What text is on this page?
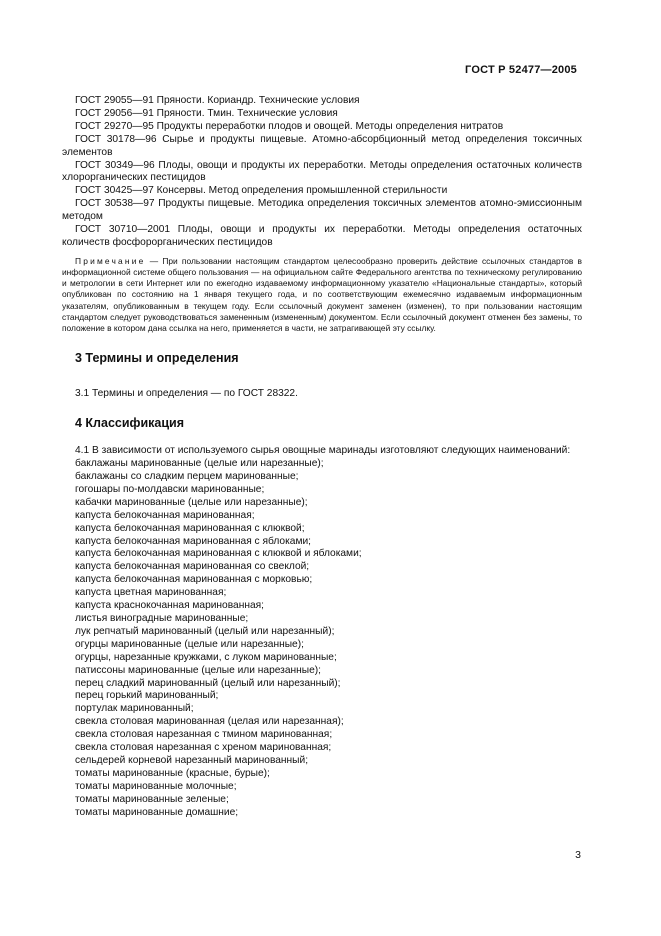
ГОСТ Р 52477—2005
ГОСТ 29055—91 Пряности. Кориандр. Технические условия
ГОСТ 29056—91 Пряности. Тмин. Технические условия
ГОСТ 29270—95 Продукты переработки плодов и овощей. Методы определения нитратов
ГОСТ 30178—96 Сырье и продукты пищевые. Атомно-абсорбционный метод определения токсичных элементов
ГОСТ 30349—96 Плоды, овощи и продукты их переработки. Методы определения остаточных количеств хлорорганических пестицидов
ГОСТ 30425—97 Консервы. Метод определения промышленной стерильности
ГОСТ 30538—97 Продукты пищевые. Методика определения токсичных элементов атомно-эмиссионным методом
ГОСТ 30710—2001 Плоды, овощи и продукты их переработки. Методы определения остаточных количеств фосфорорганических пестицидов
Примечание — При пользовании настоящим стандартом целесообразно проверить действие ссылочных стандартов в информационной системе общего пользования — на официальном сайте Федерального агентства по техническому регулированию и метрологии в сети Интернет или по ежегодно издаваемому информационному указателю «Национальные стандарты», который опубликован по состоянию на 1 января текущего года, и по соответствующим ежемесячно издаваемым информационным указателям, опубликованным в текущем году. Если ссылочный документ заменен (изменен), то при пользовании настоящим стандартом следует руководствоваться замененным (измененным) документом. Если ссылочный документ отменен без замены, то положение в котором дана ссылка на него, применяется в части, не затрагивающей эту ссылку.
3 Термины и определения
3.1 Термины и определения — по ГОСТ 28322.
4 Классификация
4.1 В зависимости от используемого сырья овощные маринады изготовляют следующих наименований:
баклажаны маринованные (целые или нарезанные);
баклажаны со сладким перцем маринованные;
гогошары по-молдавски маринованные;
кабачки маринованные (целые или нарезанные);
капуста белокочанная маринованная;
капуста белокочанная маринованная с клюквой;
капуста белокочанная маринованная с яблоками;
капуста белокочанная маринованная с клюквой и яблоками;
капуста белокочанная маринованная со свеклой;
капуста белокочанная маринованная с морковью;
капуста цветная маринованная;
капуста краснокочанная маринованная;
листья виноградные маринованные;
лук репчатый маринованный (целый или нарезанный);
огурцы маринованные (целые или нарезанные);
огурцы, нарезанные кружками, с луком маринованные;
патиссоны маринованные (целые или нарезанные);
перец сладкий маринованный (целый или нарезанный);
перец горький маринованный;
портулак маринованный;
свекла столовая маринованная (целая или нарезанная);
свекла столовая нарезанная с тмином маринованная;
свекла столовая нарезанная с хреном маринованная;
сельдерей корневой нарезанный маринованный;
томаты маринованные (красные, бурые);
томаты маринованные молочные;
томаты маринованные зеленые;
томаты маринованные домашние;
3
